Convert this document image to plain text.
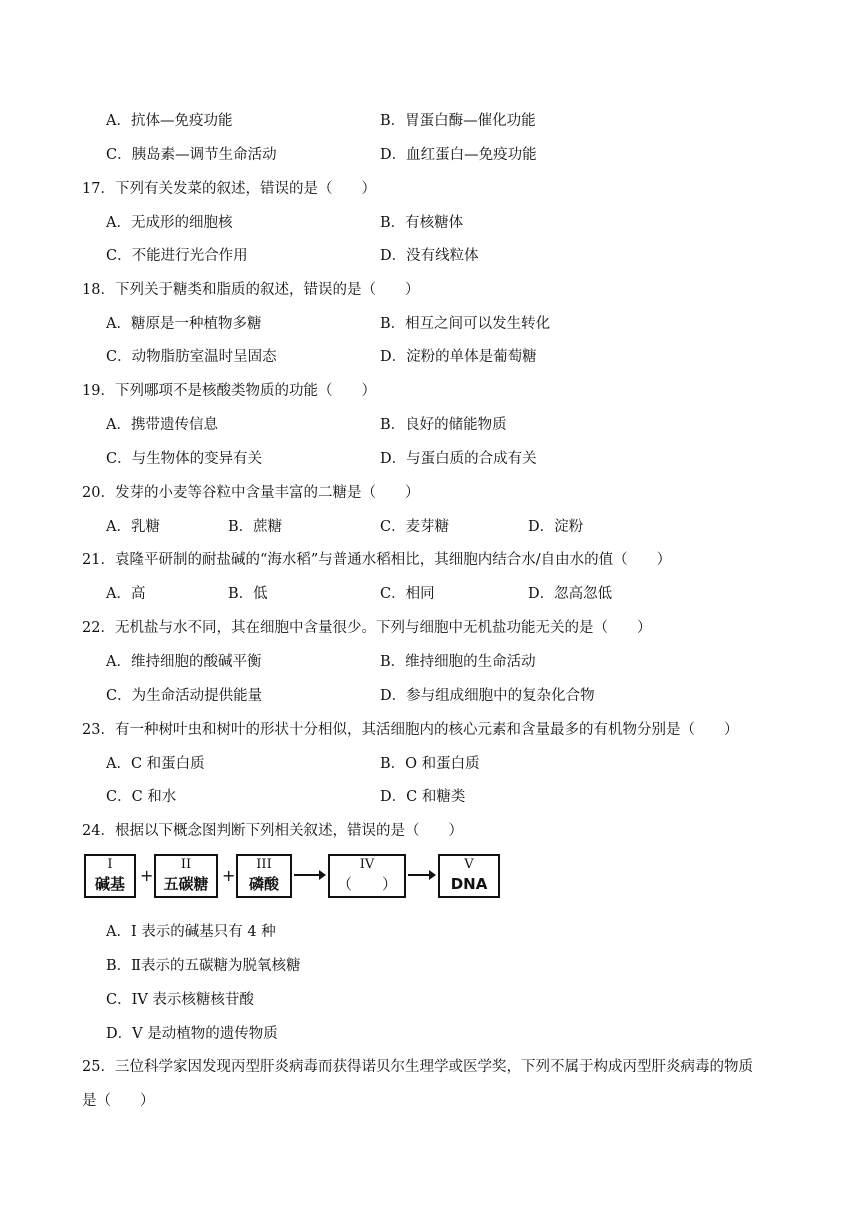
A．抗体—免疫功能	B．胃蛋白酶—催化功能
C．胰岛素—调节生命活动	D．血红蛋白—免疫功能
17．下列有关发菜的叙述，错误的是（　　）
A．无成形的细胞核	B．有核糖体
C．不能进行光合作用	D．没有线粒体
18．下列关于糖类和脂质的叙述，错误的是（　　）
A．糖原是一种植物多糖	B．相互之间可以发生转化
C．动物脂肪室温时呈固态	D．淀粉的单体是葡萄糖
19．下列哪项不是核酸类物质的功能（　　）
A．携带遗传信息	B．良好的储能物质
C．与生物体的变异有关	D．与蛋白质的合成有关
20．发芽的小麦等谷粒中含量丰富的二糖是（　　）
A．乳糖	B．蔗糖	C．麦芽糖	D．淀粉
21．袁隆平研制的耐盐碱的“海水稻”与普通水稻相比，其细胞内结合水/自由水的值（　　）
A．高	B．低	C．相同	D．忽高忽低
22．无机盐与水不同，其在细胞中含量很少。下列与细胞中无机盐功能无关的是（　　）
A．维持细胞的酸碱平衡	B．维持细胞的生命活动
C．为生命活动提供能量	D．参与组成细胞中的复杂化合物
23．有一种树叶虫和树叶的形状十分相似，其活细胞内的核心元素和含量最多的有机物分别是（　　）
A．C 和蛋白质	B．O 和蛋白质
C．C 和水	D．C 和糖类
24．根据以下概念图判断下列相关叙述，错误的是（　　）
I
碱基 +
II
五碳糖 +
III
磷酸
IV
（　　）
V
DNA
A．I 表示的碱基只有 4 种
B．Ⅱ表示的五碳糖为脱氧核糖
C．IV 表示核糖核苷酸
D．V 是动植物的遗传物质
25．三位科学家因发现丙型肝炎病毒而获得诺贝尔生理学或医学奖，下列不属于构成丙型肝炎病毒的物质
是（　　）
